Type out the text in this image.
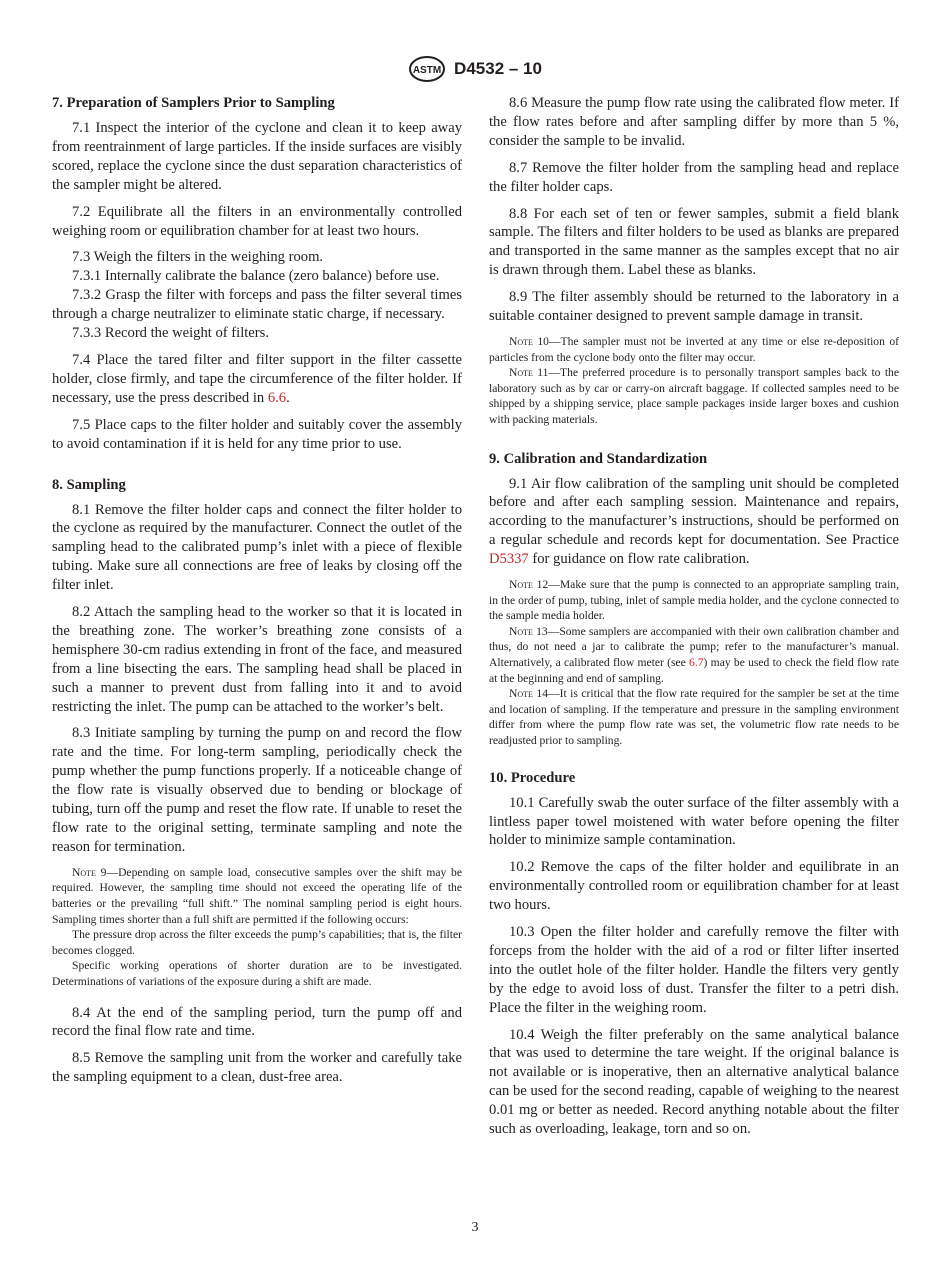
ASTM D4532 – 10
7. Preparation of Samplers Prior to Sampling

7.1 Inspect the interior of the cyclone and clean it to keep away from reentrainment of large particles. If the inside surfaces are visibly scored, replace the cyclone since the dust separation characteristics of the sampler might be altered.

7.2 Equilibrate all the filters in an environmentally controlled weighing room or equilibration chamber for at least two hours.

7.3 Weigh the filters in the weighing room.

7.3.1 Internally calibrate the balance (zero balance) before use.

7.3.2 Grasp the filter with forceps and pass the filter several times through a charge neutralizer to eliminate static charge, if necessary.

7.3.3 Record the weight of filters.

7.4 Place the tared filter and filter support in the filter cassette holder, close firmly, and tape the circumference of the filter holder. If necessary, use the press described in 6.6.

7.5 Place caps to the filter holder and suitably cover the assembly to avoid contamination if it is held for any time prior to use.

8. Sampling

8.1 Remove the filter holder caps and connect the filter holder to the cyclone as required by the manufacturer. Connect the outlet of the sampling head to the calibrated pump’s inlet with a piece of flexible tubing. Make sure all connections are free of leaks by closing off the filter inlet.

8.2 Attach the sampling head to the worker so that it is located in the breathing zone. The worker’s breathing zone consists of a hemisphere 30-cm radius extending in front of the face, and measured from a line bisecting the ears. The sampling head shall be placed in such a manner to prevent dust from falling into it and to avoid restricting the inlet. The pump can be attached to the worker’s belt.

8.3 Initiate sampling by turning the pump on and record the flow rate and the time. For long-term sampling, periodically check the pump whether the pump functions properly. If a noticeable change of the flow rate is visually observed due to bending or blockage of tubing, turn off the pump and reset the flow rate. If unable to reset the flow rate to the original setting, terminate sampling and note the reason for termination.

Note 9—Depending on sample load, consecutive samples over the shift may be required. However, the sampling time should not exceed the operating life of the batteries or the prevailing “full shift.” The nominal sampling period is eight hours. Sampling times shorter than a full shift are permitted if the following occurs:
The pressure drop across the filter exceeds the pump’s capabilities; that is, the filter becomes clogged.
Specific working operations of shorter duration are to be investigated. Determinations of variations of the exposure during a shift are made.

8.4 At the end of the sampling period, turn the pump off and record the final flow rate and time.

8.5 Remove the sampling unit from the worker and carefully take the sampling equipment to a clean, dust-free area.

8.6 Measure the pump flow rate using the calibrated flow meter. If the flow rates before and after sampling differ by more than 5 %, consider the sample to be invalid.

8.7 Remove the filter holder from the sampling head and replace the filter holder caps.

8.8 For each set of ten or fewer samples, submit a field blank sample. The filters and filter holders to be used as blanks are prepared and transported in the same manner as the samples except that no air is drawn through them. Label these as blanks.

8.9 The filter assembly should be returned to the laboratory in a suitable container designed to prevent sample damage in transit.

Note 10—The sampler must not be inverted at any time or else re-deposition of particles from the cyclone body onto the filter may occur.
Note 11—The preferred procedure is to personally transport samples back to the laboratory such as by car or carry-on aircraft baggage. If collected samples need to be shipped by a shipping service, place sample packages inside larger boxes and cushion with packing materials.
9. Calibration and Standardization

9.1 Air flow calibration of the sampling unit should be completed before and after each sampling session. Maintenance and repairs, according to the manufacturer’s instructions, should be performed on a regular schedule and records kept for documentation. See Practice D5337 for guidance on flow rate calibration.

Note 12—Make sure that the pump is connected to an appropriate sampling train, in the order of pump, tubing, inlet of sample media holder, and the cyclone connected to the sample media holder.
Note 13—Some samplers are accompanied with their own calibration chamber and thus, do not need a jar to calibrate the pump; refer to the manufacturer’s manual. Alternatively, a calibrated flow meter (see 6.7) may be used to check the field flow rate at the beginning and end of sampling.
Note 14—It is critical that the flow rate required for the sampler be set at the time and location of sampling. If the temperature and pressure in the sampling environment differ from where the pump flow rate was set, the volumetric flow rate needs to be readjusted prior to sampling.
10. Procedure

10.1 Carefully swab the outer surface of the filter assembly with a lintless paper towel moistened with water before opening the filter holder to minimize sample contamination.

10.2 Remove the caps of the filter holder and equilibrate in an environmentally controlled room or equilibration chamber for at least two hours.

10.3 Open the filter holder and carefully remove the filter with forceps from the holder with the aid of a rod or filter lifter inserted into the outlet hole of the filter holder. Handle the filters very gently by the edge to avoid loss of dust. Transfer the filter to a petri dish. Place the filter in the weighing room.

10.4 Weigh the filter preferably on the same analytical balance that was used to determine the tare weight. If the original balance is not available or is inoperative, then an alternative analytical balance can be used for the second reading, capable of weighing to the nearest 0.01 mg or better as needed. Record anything notable about the filter such as overloading, leakage, torn and so on.

3
